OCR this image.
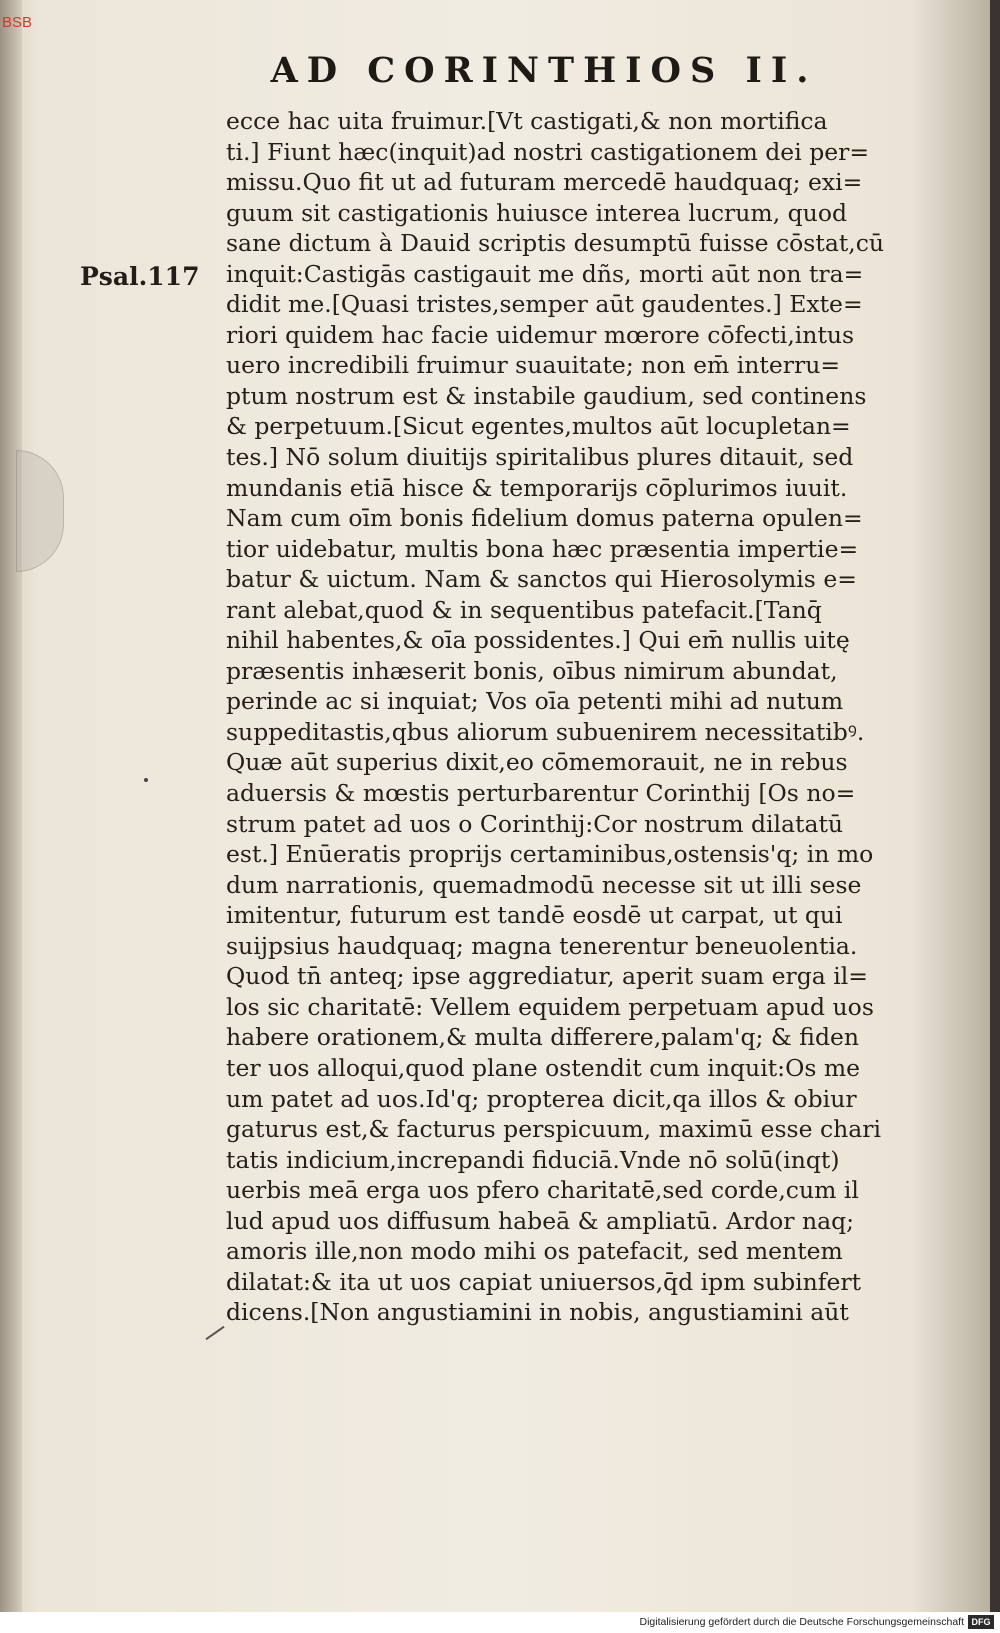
BSB
AD CORINTHIOS II.
Psal.117
ecce hac uita fruimur.[Vt castigati,& non mortifica
ti.] Fiunt hæc(inquit)ad nostri castigationem dei per=
missu.Quo fit ut ad futuram mercedē haudquaq; exi=
guum sit castigationis huiusce interea lucrum, quod
sane dictum à Dauid scriptis desumptū fuisse cōstat,cū
inquit:Castigās castigauit me dñs, morti aūt non tra=
didit me.[Quasi tristes,semper aūt gaudentes.] Exte=
riori quidem hac facie uidemur mœrore cōfecti,intus
uero incredibili fruimur suauitate; non em̄ interru=
ptum nostrum est & instabile gaudium, sed continens
& perpetuum.[Sicut egentes,multos aūt locupletan=
tes.] Nō solum diuitijs spiritalibus plures ditauit, sed
mundanis etiā hisce & temporarijs cōplurimos iuuit.
Nam cum oīm bonis fidelium domus paterna opulen=
tior uidebatur, multis bona hæc præsentia impertie=
batur & uictum. Nam & sanctos qui Hierosolymis e=
rant alebat,quod & in sequentibus patefacit.[Tanq̄
nihil habentes,& oīa possidentes.] Qui em̄ nullis uitę
præsentis inhæserit bonis, oībus nimirum abundat,
perinde ac si inquiat; Vos oīa petenti mihi ad nutum
suppeditastis,qbus aliorum subuenirem necessitatibꝰ.
Quæ aūt superius dixit,eo cōmemorauit, ne in rebus
aduersis & mœstis perturbarentur Corinthij [Os no=
strum patet ad uos o Corinthij:Cor nostrum dilatatū
est.] Enūeratis proprijs certaminibus,ostensis'q; in mo
dum narrationis, quemadmodū necesse sit ut illi sese
imitentur, futurum est tandē eosdē ut carpat, ut qui
suijpsius haudquaq; magna tenerentur beneuolentia.
Quod tn̄ anteq; ipse aggrediatur, aperit suam erga il=
los sic charitatē: Vellem equidem perpetuam apud uos
habere orationem,& multa differere,palam'q; & fiden
ter uos alloqui,quod plane ostendit cum inquit:Os me
um patet ad uos.Id'q; propterea dicit,qa illos & obiur
gaturus est,& facturus perspicuum, maximū esse chari
tatis indicium,increpandi fiduciā.Vnde nō solū(inqt)
uerbis meā erga uos pfero charitatē,sed corde,cum il
lud apud uos diffusum habeā & ampliatū. Ardor naq;
amoris ille,non modo mihi os patefacit, sed mentem
dilatat:& ita ut uos capiat uniuersos,q̄d ipm subinfert
dicens.[Non angustiamini in nobis, angustiamini aūt
Digitalisierung gefördert durch die Deutsche Forschungsgemeinschaft DFG
